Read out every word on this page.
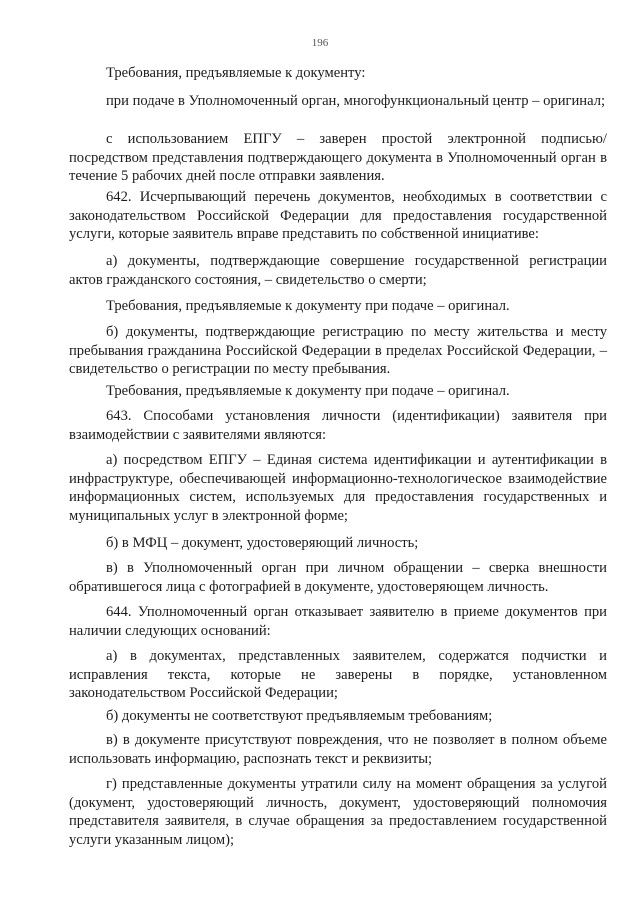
196

Требования, предъявляемые к документу:

при подаче в Уполномоченный орган, многофункциональный центр – оригинал;

с использованием ЕПГУ – заверен простой электронной подписью/ посредством представления подтверждающего документа в Уполномоченный орган в течение 5 рабочих дней после отправки заявления.

642. Исчерпывающий перечень документов, необходимых в соответствии с законодательством Российской Федерации для предоставления государственной услуги, которые заявитель вправе представить по собственной инициативе:

а) документы, подтверждающие совершение государственной регистрации актов гражданского состояния, – свидетельство о смерти;

Требования, предъявляемые к документу при подаче – оригинал.

б) документы, подтверждающие регистрацию по месту жительства и месту пребывания гражданина Российской Федерации в пределах Российской Федерации, – свидетельство о регистрации по месту пребывания.

Требования, предъявляемые к документу при подаче – оригинал.

643. Способами установления личности (идентификации) заявителя при взаимодействии с заявителями являются:

а) посредством ЕПГУ – Единая система идентификации и аутентификации в инфраструктуре, обеспечивающей информационно-технологическое взаимодействие информационных систем, используемых для предоставления государственных и муниципальных услуг в электронной форме;

б) в МФЦ – документ, удостоверяющий личность;

в) в Уполномоченный орган при личном обращении – сверка внешности обратившегося лица с фотографией в документе, удостоверяющем личность.

644. Уполномоченный орган отказывает заявителю в приеме документов при наличии следующих оснований:

а) в документах, представленных заявителем, содержатся подчистки и исправления текста, которые не заверены в порядке, установленном законодательством Российской Федерации;

б) документы не соответствуют предъявляемым требованиям;

в) в документе присутствуют повреждения, что не позволяет в полном объеме использовать информацию, распознать текст и реквизиты;

г) представленные документы утратили силу на момент обращения за услугой (документ, удостоверяющий личность, документ, удостоверяющий полномочия представителя заявителя, в случае обращения за предоставлением государственной услуги указанным лицом);
